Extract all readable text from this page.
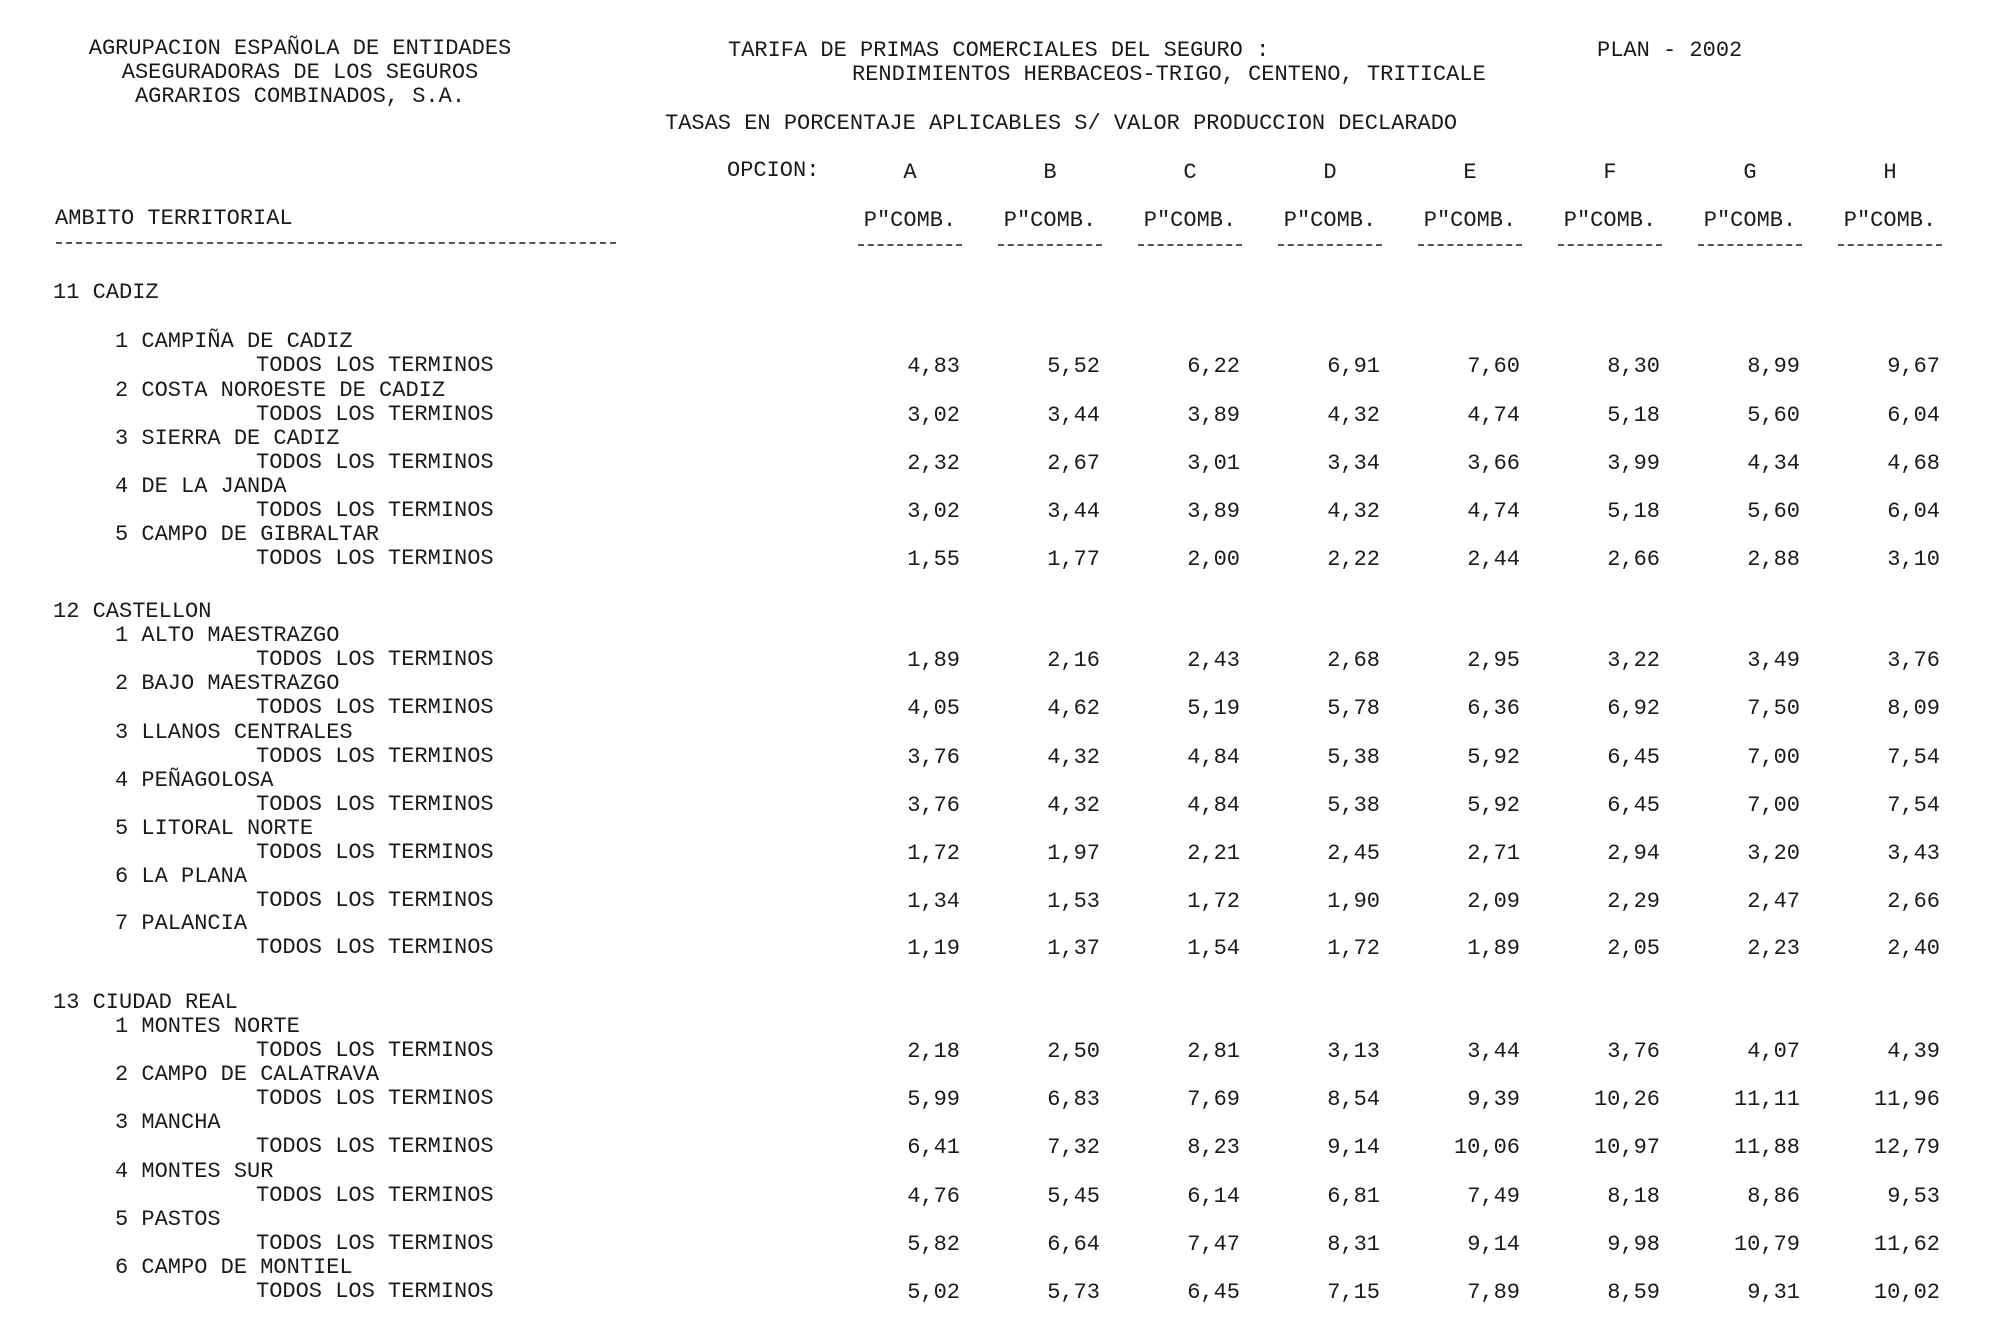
AGRUPACION ESPAÑOLA DE ENTIDADES
ASEGURADORAS DE LOS SEGUROS
AGRARIOS COMBINADOS, S.A.
TARIFA DE PRIMAS COMERCIALES DEL SEGURO :
RENDIMIENTOS HERBACEOS-TRIGO, CENTENO, TRITICALE
PLAN - 2002
TASAS EN PORCENTAJE APLICABLES S/ VALOR PRODUCCION DECLARADO
OPCION:	A	B	C	D	E	F	G	H
AMBITO TERRITORIAL	P"COMB.	P"COMB.	P"COMB.	P"COMB.	P"COMB.	P"COMB.	P"COMB.	P"COMB.
11 CADIZ
1 CAMPIÑA DE CADIZ
TODOS LOS TERMINOS	4,83	5,52	6,22	6,91	7,60	8,30	8,99	9,67
2 COSTA NOROESTE DE CADIZ
TODOS LOS TERMINOS	3,02	3,44	3,89	4,32	4,74	5,18	5,60	6,04
3 SIERRA DE CADIZ
TODOS LOS TERMINOS	2,32	2,67	3,01	3,34	3,66	3,99	4,34	4,68
4 DE LA JANDA
TODOS LOS TERMINOS	3,02	3,44	3,89	4,32	4,74	5,18	5,60	6,04
5 CAMPO DE GIBRALTAR
TODOS LOS TERMINOS	1,55	1,77	2,00	2,22	2,44	2,66	2,88	3,10
12 CASTELLON
1 ALTO MAESTRAZGO
TODOS LOS TERMINOS	1,89	2,16	2,43	2,68	2,95	3,22	3,49	3,76
2 BAJO MAESTRAZGO
TODOS LOS TERMINOS	4,05	4,62	5,19	5,78	6,36	6,92	7,50	8,09
3 LLANOS CENTRALES
TODOS LOS TERMINOS	3,76	4,32	4,84	5,38	5,92	6,45	7,00	7,54
4 PEÑAGOLOSA
TODOS LOS TERMINOS	3,76	4,32	4,84	5,38	5,92	6,45	7,00	7,54
5 LITORAL NORTE
TODOS LOS TERMINOS	1,72	1,97	2,21	2,45	2,71	2,94	3,20	3,43
6 LA PLANA
TODOS LOS TERMINOS	1,34	1,53	1,72	1,90	2,09	2,29	2,47	2,66
7 PALANCIA
TODOS LOS TERMINOS	1,19	1,37	1,54	1,72	1,89	2,05	2,23	2,40
13 CIUDAD REAL
1 MONTES NORTE
TODOS LOS TERMINOS	2,18	2,50	2,81	3,13	3,44	3,76	4,07	4,39
2 CAMPO DE CALATRAVA
TODOS LOS TERMINOS	5,99	6,83	7,69	8,54	9,39	10,26	11,11	11,96
3 MANCHA
TODOS LOS TERMINOS	6,41	7,32	8,23	9,14	10,06	10,97	11,88	12,79
4 MONTES SUR
TODOS LOS TERMINOS	4,76	5,45	6,14	6,81	7,49	8,18	8,86	9,53
5 PASTOS
TODOS LOS TERMINOS	5,82	6,64	7,47	8,31	9,14	9,98	10,79	11,62
6 CAMPO DE MONTIEL
TODOS LOS TERMINOS	5,02	5,73	6,45	7,15	7,89	8,59	9,31	10,02
